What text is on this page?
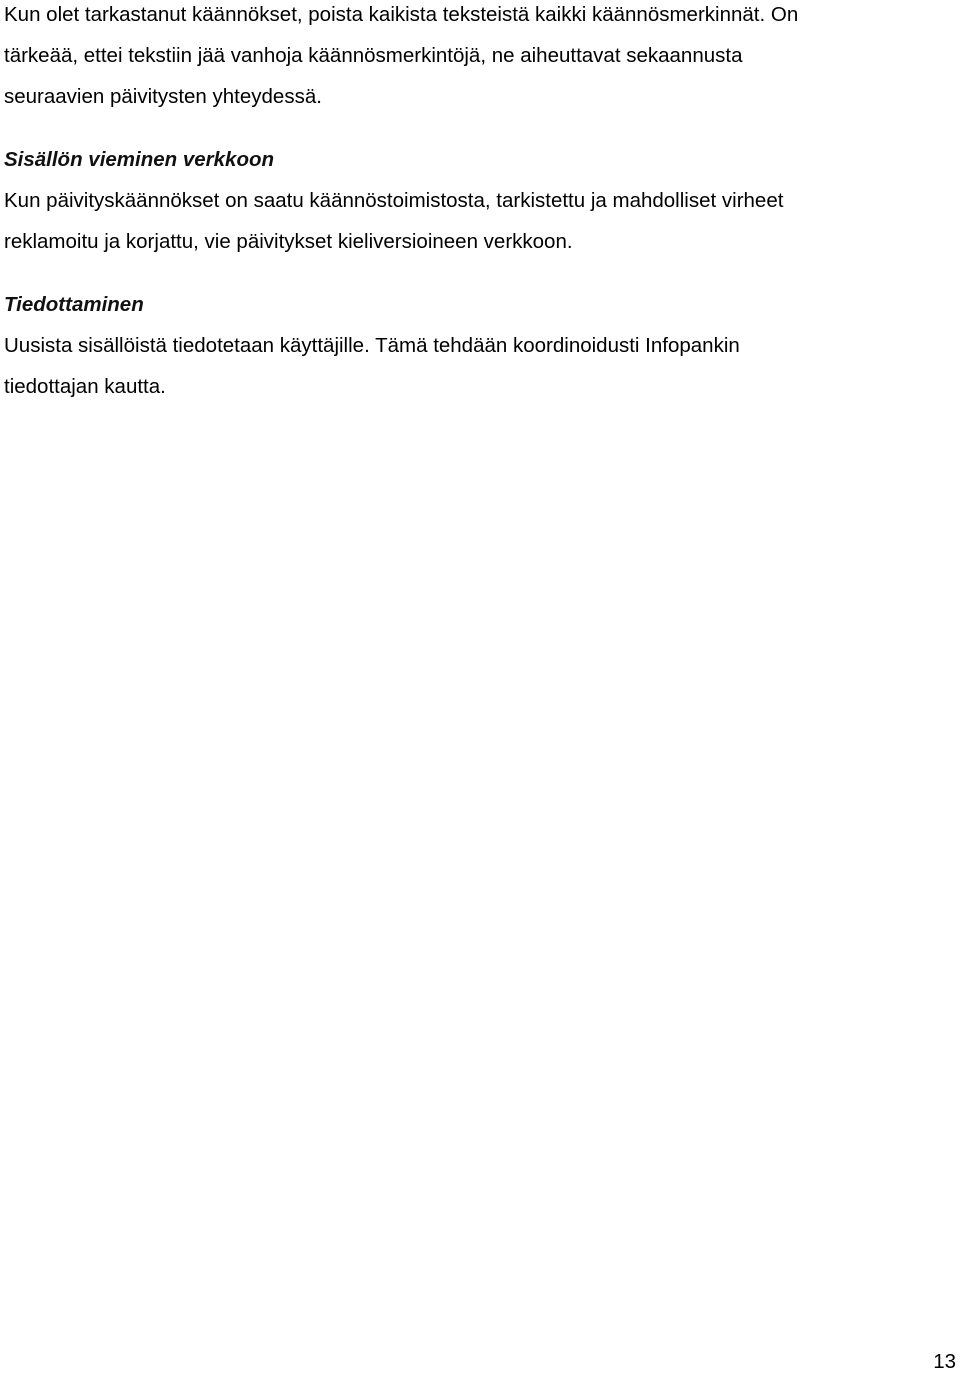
Kun olet tarkastanut käännökset, poista kaikista teksteistä kaikki käännösmerkinnät. On
tärkeää, ettei tekstiin jää vanhoja käännösmerkintöjä, ne aiheuttavat sekaannusta
seuraavien päivitysten yhteydessä.

Sisällön vieminen verkkoon

Kun päivityskäännökset on saatu käännöstoimistosta, tarkistettu ja mahdolliset virheet
reklamoitu ja korjattu, vie päivitykset kieliversioineen verkkoon.

Tiedottaminen

Uusista sisällöistä tiedotetaan käyttäjille. Tämä tehdään koordinoidusti Infopankin
tiedottajan kautta.

13
